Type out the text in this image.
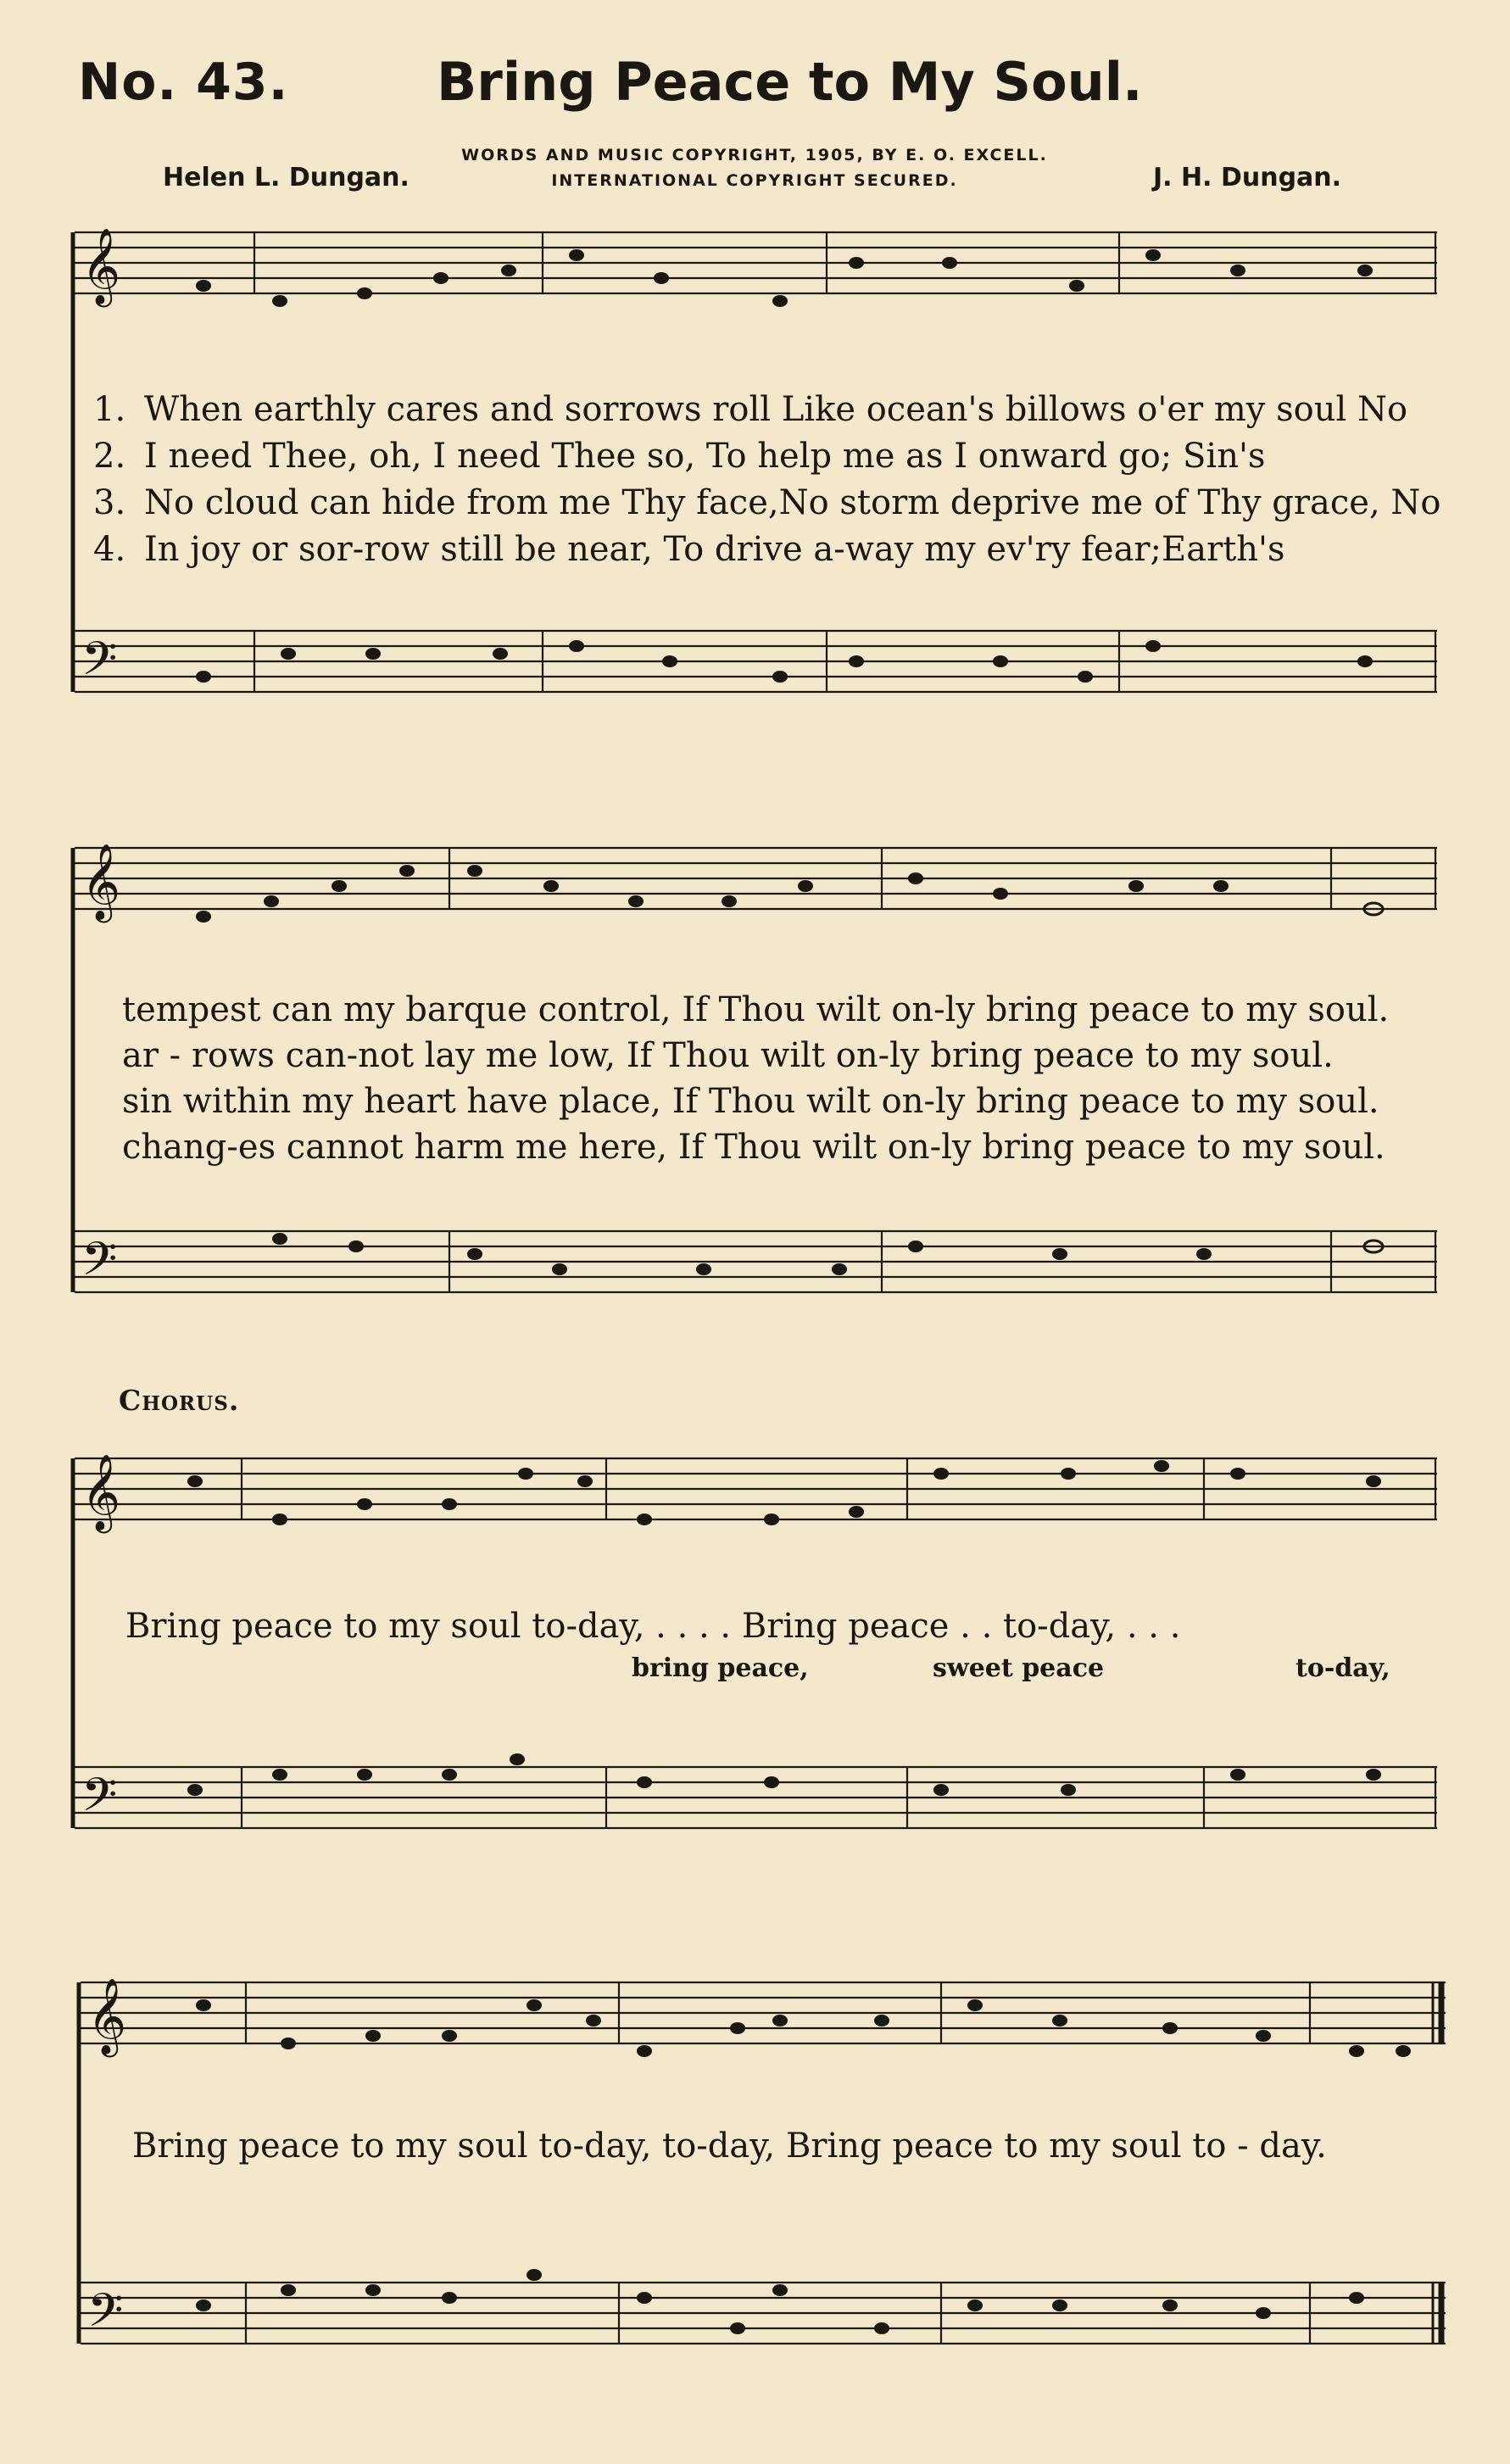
No. 43.	Bring Peace to My Soul.
WORDS AND MUSIC COPYRIGHT, 1905, BY E. O. EXCELL.
INTERNATIONAL COPYRIGHT SECURED.
Helen L. Dungan.	J. H. Dungan.
𝄞
𝄢
1. When earthly cares and sorrows roll Like ocean's billows o'er my soul No
2. I need Thee, oh, I need Thee so, To help me as I onward go; Sin's
3. No cloud can hide from me Thy face,No storm deprive me of Thy grace, No
4. In joy or sor-row still be near, To drive a-way my ev'ry fear;Earth's
𝄞
𝄢
tempest can my barque control, If Thou wilt on-ly bring peace to my soul.
ar - rows can-not lay me low, If Thou wilt on-ly bring peace to my soul.
sin within my heart have place, If Thou wilt on-ly bring peace to my soul.
chang-es cannot harm me here, If Thou wilt on-ly bring peace to my soul.
Chorus.
𝄞
𝄢
Bring peace to my soul to-day, . . . . Bring peace . . to-day, . . .
bring peace,	sweet peace	to-day,
𝄞
𝄢
Bring peace to my soul to-day, to-day, Bring peace to my soul to - day.
